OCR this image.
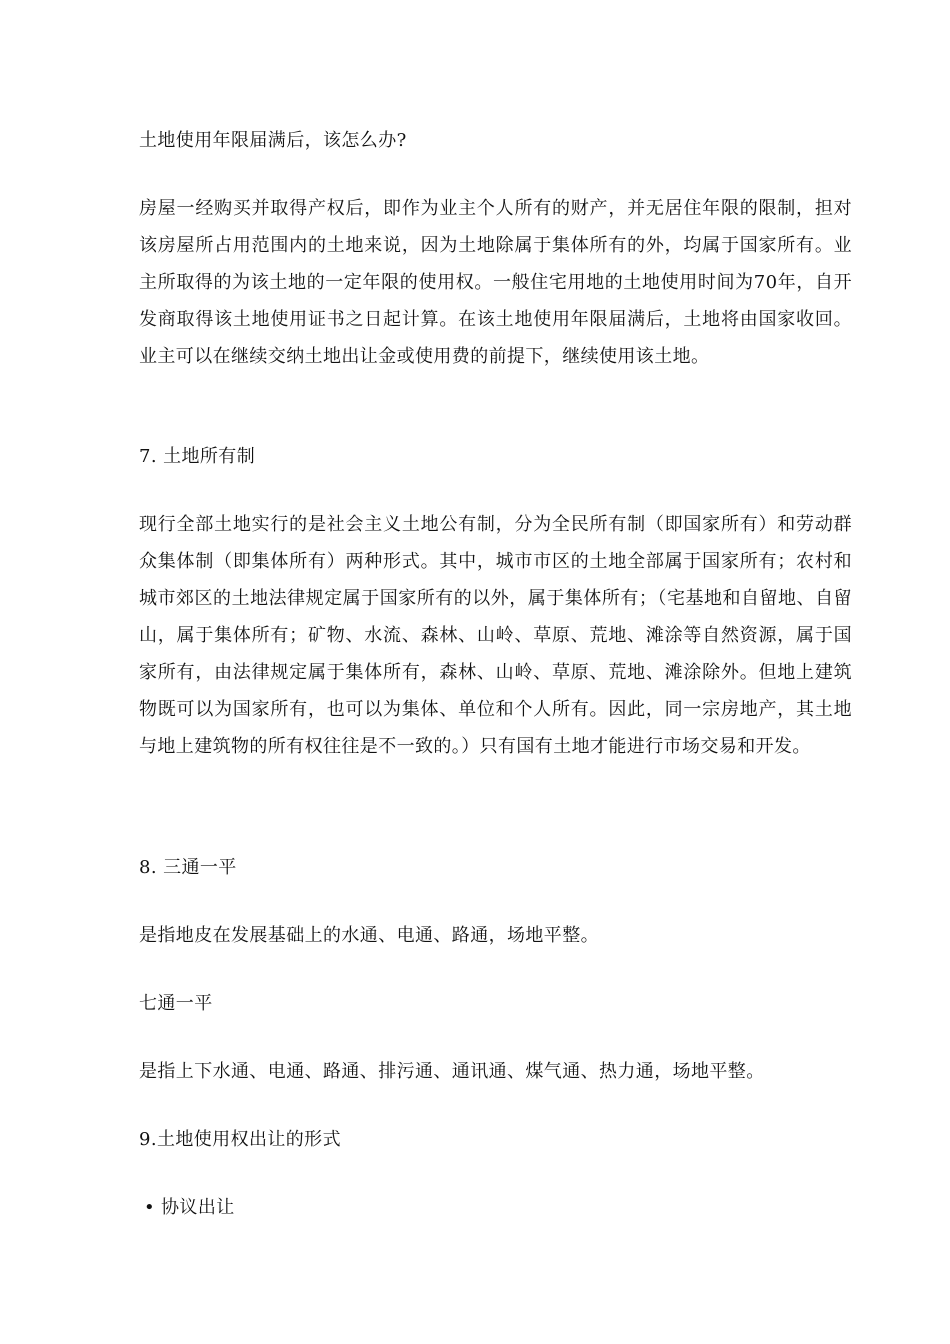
土地使用年限届满后，该怎么办?

房屋一经购买并取得产权后，即作为业主个人所有的财产，并无居住年限的限制，担对该房屋所占用范围内的土地来说，因为土地除属于集体所有的外，均属于国家所有。业主所取得的为该土地的一定年限的使用权。一般住宅用地的土地使用时间为70年，自开发商取得该土地使用证书之日起计算。在该土地使用年限届满后，土地将由国家收回。业主可以在继续交纳土地出让金或使用费的前提下，继续使用该土地。

7. 土地所有制

现行全部土地实行的是社会主义土地公有制，分为全民所有制（即国家所有）和劳动群众集体制（即集体所有）两种形式。其中，城市市区的土地全部属于国家所有；农村和城市郊区的土地法律规定属于国家所有的以外，属于集体所有；（宅基地和自留地、自留山，属于集体所有；矿物、水流、森林、山岭、草原、荒地、滩涂等自然资源，属于国家所有，由法律规定属于集体所有，森林、山岭、草原、荒地、滩涂除外。但地上建筑物既可以为国家所有，也可以为集体、单位和个人所有。因此，同一宗房地产，其土地与地上建筑物的所有权往往是不一致的。）只有国有土地才能进行市场交易和开发。

8. 三通一平

是指地皮在发展基础上的水通、电通、路通，场地平整。

七通一平

是指上下水通、电通、路通、排污通、通讯通、煤气通、热力通，场地平整。

9.土地使用权出让的形式

• 协议出让
